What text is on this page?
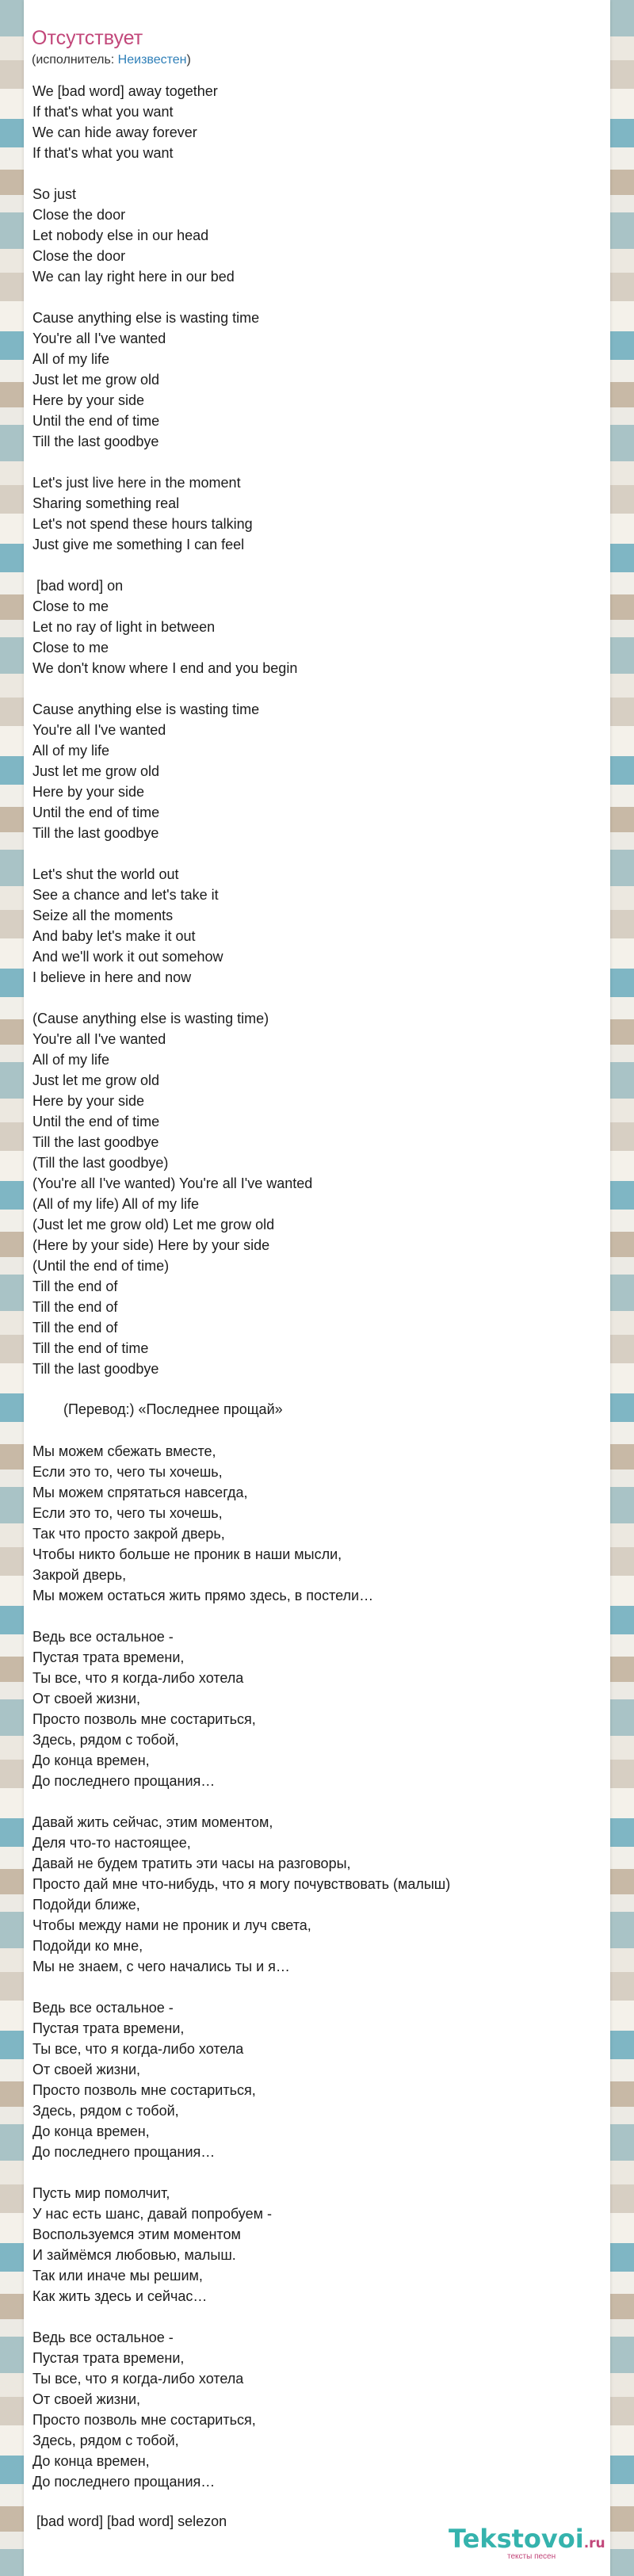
Отсутствует
(исполнитель: Неизвестен)
We [bad word] away together
If that's what you want
We can hide away forever
If that's what you want

So just
Close the door
Let nobody else in our head
Close the door
We can lay right here in our bed

Cause anything else is wasting time
You're all I've wanted
All of my life
Just let me grow old
Here by your side
Until the end of time
Till the last goodbye

Let's just live here in the moment
Sharing something real
Let's not spend these hours talking
Just give me something I can feel

[bad word] on
Close to me
Let no ray of light in between
Close to me
We don't know where I end and you begin

Cause anything else is wasting time
You're all I've wanted
All of my life
Just let me grow old
Here by your side
Until the end of time
Till the last goodbye

Let's shut the world out
See a chance and let's take it
Seize all the moments
And baby let's make it out
And we'll work it out somehow
I believe in here and now

(Cause anything else is wasting time)
You're all I've wanted
All of my life
Just let me grow old
Here by your side
Until the end of time
Till the last goodbye
(Till the last goodbye)
(You're all I've wanted) You're all I've wanted
(All of my life) All of my life
(Just let me grow old) Let me grow old
(Here by your side) Here by your side
(Until the end of time)
Till the end of
Till the end of
Till the end of
Till the end of time
Till the last goodbye
(Перевод:) «Последнее прощай»
Мы можем сбежать вместе,
Если это то, чего ты хочешь,
Мы можем спрятаться навсегда,
Если это то, чего ты хочешь,
Так что просто закрой дверь,
Чтобы никто больше не проник в наши мысли,
Закрой дверь,
Мы можем остаться жить прямо здесь, в постели…

Ведь все остальное -
Пустая трата времени,
Ты все, что я когда-либо хотела
От своей жизни,
Просто позволь мне состариться,
Здесь, рядом с тобой,
До конца времен,
До последнего прощания…

Давай жить сейчас, этим моментом,
Деля что-то настоящее,
Давай не будем тратить эти часы на разговоры,
Просто дай мне что-нибудь, что я могу почувствовать (малыш)
Подойди ближе,
Чтобы между нами не проник и луч света,
Подойди ко мне,
Мы не знаем, с чего начались ты и я…

Ведь все остальное -
Пустая трата времени,
Ты все, что я когда-либо хотела
От своей жизни,
Просто позволь мне состариться,
Здесь, рядом с тобой,
До конца времен,
До последнего прощания…

Пусть мир помолчит,
У нас есть шанс, давай попробуем -
Воспользуемся этим моментом
И займёмся любовью, малыш.
Так или иначе мы решим,
Как жить здесь и сейчас…

Ведь все остальное -
Пустая трата времени,
Ты все, что я когда-либо хотела
От своей жизни,
Просто позволь мне состариться,
Здесь, рядом с тобой,
До конца времен,
До последнего прощания…
[bad word] [bad word] selezon
Tekstovoi.ru
тексты песен
